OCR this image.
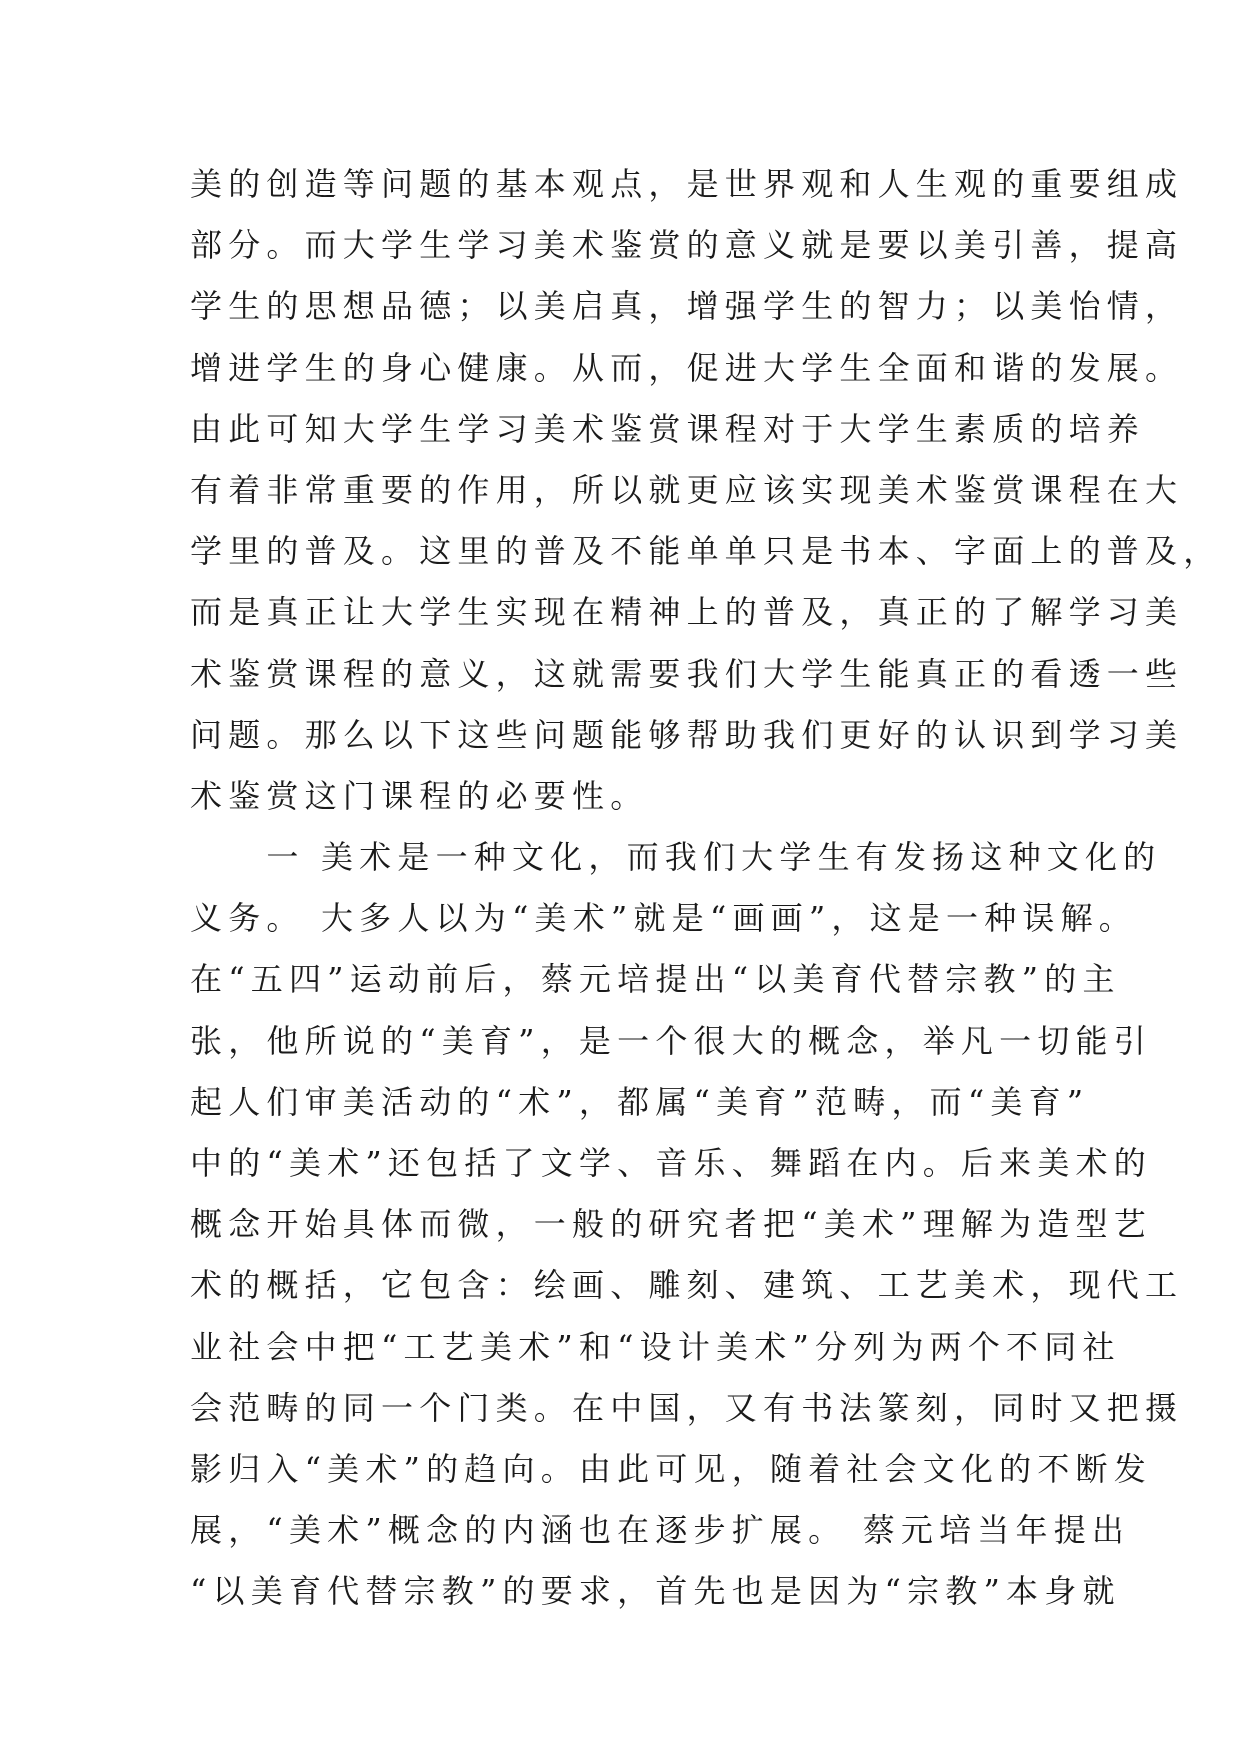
美的创造等问题的基本观点，是世界观和人生观的重要组成
部分。而大学生学习美术鉴赏的意义就是要以美引善，提高
学生的思想品德；以美启真，增强学生的智力；以美怡情，
增进学生的身心健康。从而，促进大学生全面和谐的发展。
由此可知大学生学习美术鉴赏课程对于大学生素质的培养
有着非常重要的作用，所以就更应该实现美术鉴赏课程在大
学里的普及。这里的普及不能单单只是书本、字面上的普及，
而是真正让大学生实现在精神上的普及，真正的了解学习美
术鉴赏课程的意义，这就需要我们大学生能真正的看透一些
问题。那么以下这些问题能够帮助我们更好的认识到学习美
术鉴赏这门课程的必要性。
　　一 美术是一种文化，而我们大学生有发扬这种文化的
义务。 大多人以为“美术”就是“画画”，这是一种误解。
在“五四”运动前后，蔡元培提出“以美育代替宗教”的主
张，他所说的“美育”，是一个很大的概念，举凡一切能引
起人们审美活动的“术”，都属“美育”范畴，而“美育”
中的“美术”还包括了文学、音乐、舞蹈在内。后来美术的
概念开始具体而微，一般的研究者把“美术”理解为造型艺
术的概括，它包含：绘画、雕刻、建筑、工艺美术，现代工
业社会中把“工艺美术”和“设计美术”分列为两个不同社
会范畴的同一个门类。在中国，又有书法篆刻，同时又把摄
影归入“美术”的趋向。由此可见，随着社会文化的不断发
展，“美术”概念的内涵也在逐步扩展。 蔡元培当年提出
“以美育代替宗教”的要求，首先也是因为“宗教”本身就
